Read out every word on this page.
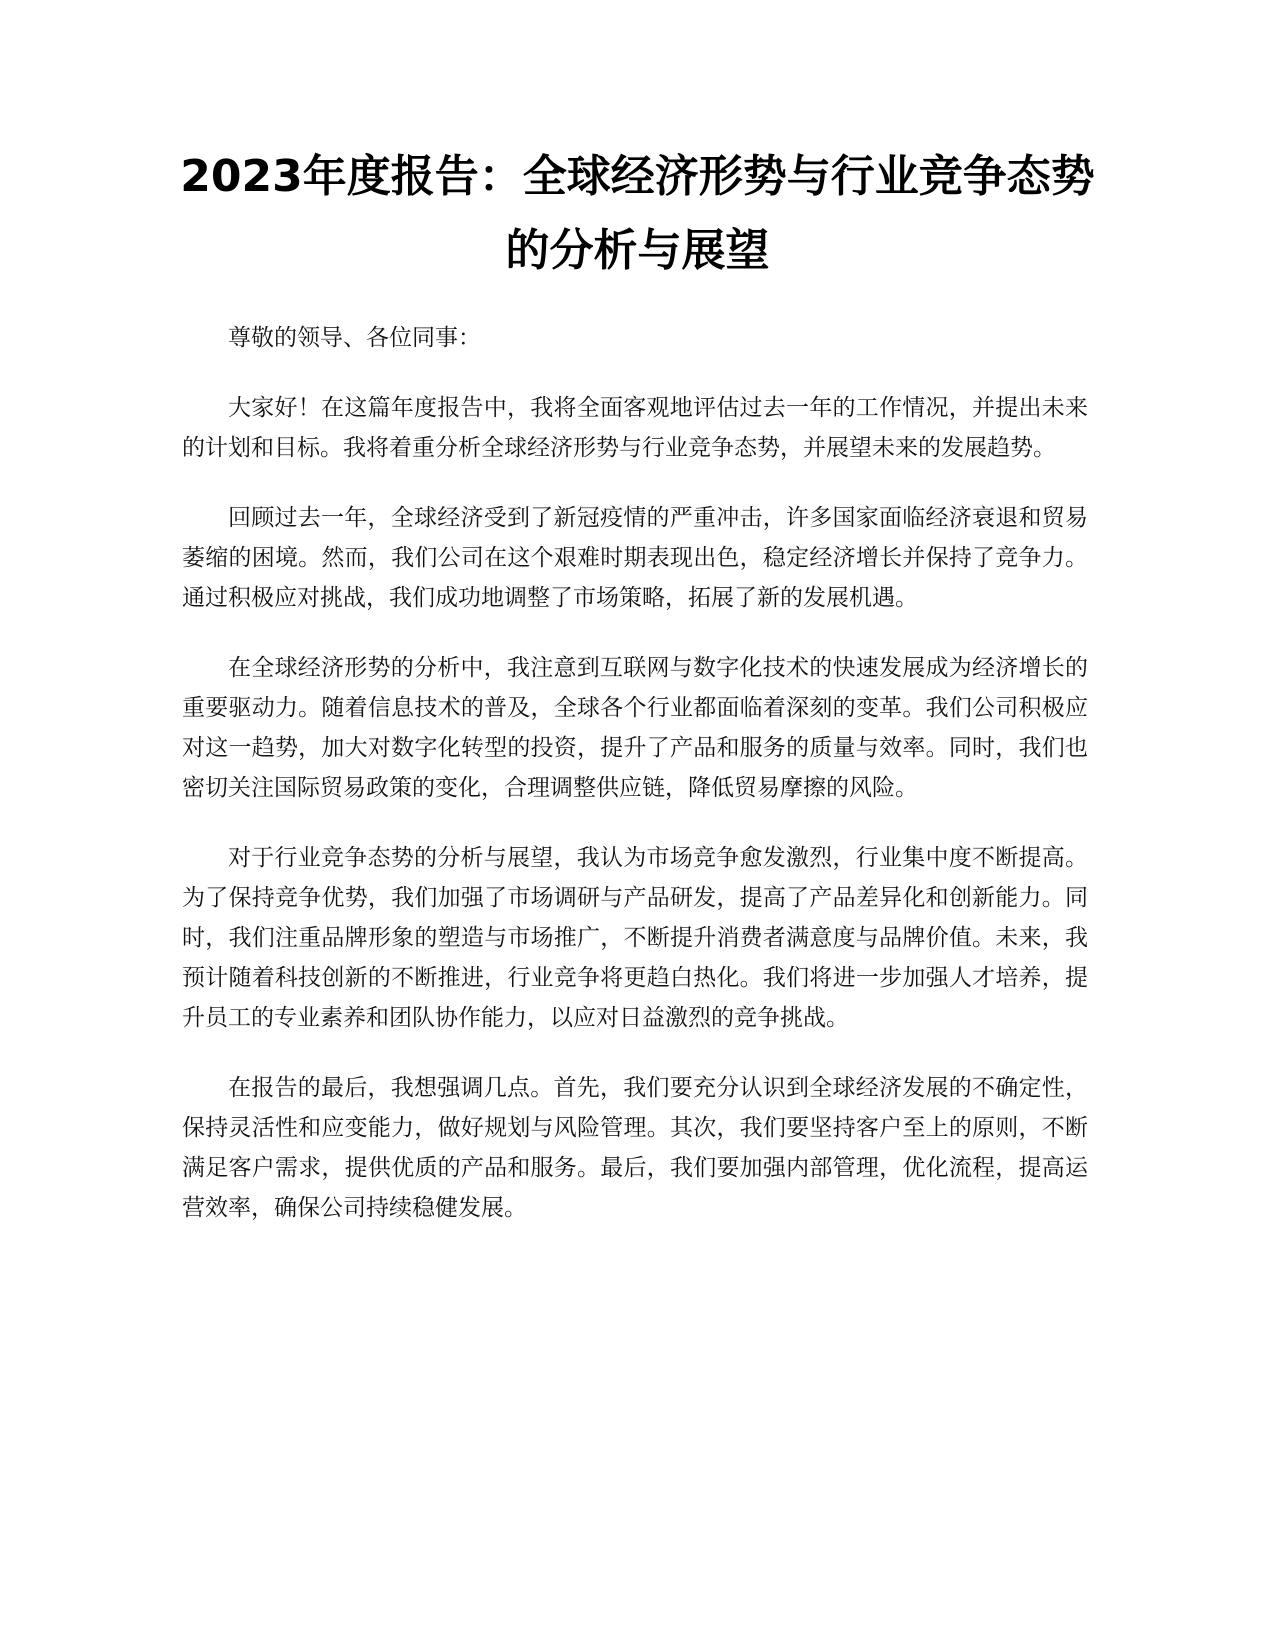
2023年度报告：全球经济形势与行业竞争态势的分析与展望

尊敬的领导、各位同事：

大家好！在这篇年度报告中，我将全面客观地评估过去一年的工作情况，并提出未来的计划和目标。我将着重分析全球经济形势与行业竞争态势，并展望未来的发展趋势。

回顾过去一年，全球经济受到了新冠疫情的严重冲击，许多国家面临经济衰退和贸易萎缩的困境。然而，我们公司在这个艰难时期表现出色，稳定经济增长并保持了竞争力。通过积极应对挑战，我们成功地调整了市场策略，拓展了新的发展机遇。

在全球经济形势的分析中，我注意到互联网与数字化技术的快速发展成为经济增长的重要驱动力。随着信息技术的普及，全球各个行业都面临着深刻的变革。我们公司积极应对这一趋势，加大对数字化转型的投资，提升了产品和服务的质量与效率。同时，我们也密切关注国际贸易政策的变化，合理调整供应链，降低贸易摩擦的风险。

对于行业竞争态势的分析与展望，我认为市场竞争愈发激烈，行业集中度不断提高。为了保持竞争优势，我们加强了市场调研与产品研发，提高了产品差异化和创新能力。同时，我们注重品牌形象的塑造与市场推广，不断提升消费者满意度与品牌价值。未来，我预计随着科技创新的不断推进，行业竞争将更趋白热化。我们将进一步加强人才培养，提升员工的专业素养和团队协作能力，以应对日益激烈的竞争挑战。

在报告的最后，我想强调几点。首先，我们要充分认识到全球经济发展的不确定性，保持灵活性和应变能力，做好规划与风险管理。其次，我们要坚持客户至上的原则，不断满足客户需求，提供优质的产品和服务。最后，我们要加强内部管理，优化流程，提高运营效率，确保公司持续稳健发展。
